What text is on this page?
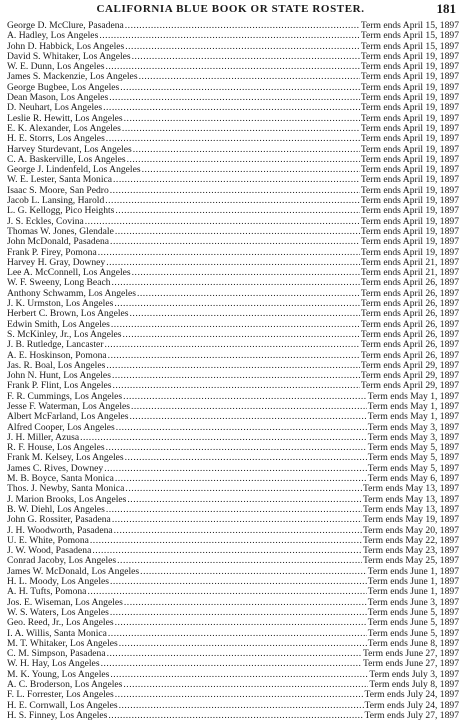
CALIFORNIA BLUE BOOK OR STATE ROSTER.	181
George D. McClure, Pasadena .....	Term ends April 15, 1897
A. Hadley, Los Angeles .....	Term ends April 15, 1897
John D. Habbick, Los Angeles .....	Term ends April 15, 1897
David S. Whitaker, Los Angeles .....	Term ends April 19, 1897
W. E. Dunn, Los Angeles .....	Term ends April 19, 1897
James S. Mackenzie, Los Angeles .....	Term ends April 19, 1897
George Bugbee, Los Angeles .....	Term ends April 19, 1897
Dean Mason, Los Angeles .....	Term ends April 19, 1897
D. Neuhart, Los Angeles .....	Term ends April 19, 1897
Leslie R. Hewitt, Los Angeles .....	Term ends April 19, 1897
E. K. Alexander, Los Angeles .....	Term ends April 19, 1897
H. E. Storrs, Los Angeles .....	Term ends April 19, 1897
Harvey Sturdevant, Los Angeles .....	Term ends April 19, 1897
C. A. Baskerville, Los Angeles .....	Term ends April 19, 1897
George J. Lindenfeld, Los Angeles .....	Term ends April 19, 1897
W. E. Lester, Santa Monica .....	Term ends April 19, 1897
Isaac S. Moore, San Pedro .....	Term ends April 19, 1897
Jacob L. Lansing, Harold .....	Term ends April 19, 1897
L. G. Kellogg, Pico Heights .....	Term ends April 19, 1897
J. S. Eckles, Covina .....	Term ends April 19, 1897
Thomas W. Jones, Glendale .....	Term ends April 19, 1897
John McDonald, Pasadena .....	Term ends April 19, 1897
Frank P. Firey, Pomona .....	Term ends April 19, 1897
Harvey H. Gray, Downey .....	Term ends April 21, 1897
Lee A. McConnell, Los Angeles .....	Term ends April 21, 1897
W. F. Sweeny, Long Beach .....	Term ends April 26, 1897
Anthony Schwamm, Los Angeles .....	Term ends April 26, 1897
J. K. Urmston, Los Angeles .....	Term ends April 26, 1897
Herbert C. Brown, Los Angeles .....	Term ends April 26, 1897
Edwin Smith, Los Angeles .....	Term ends April 26, 1897
S. McKinley, Jr., Los Angeles .....	Term ends April 26, 1897
J. B. Rutledge, Lancaster .....	Term ends April 26, 1897
A. E. Hoskinson, Pomona .....	Term ends April 26, 1897
Jas. R. Boal, Los Angeles .....	Term ends April 29, 1897
John N. Hunt, Los Angeles .....	Term ends April 29, 1897
Frank P. Flint, Los Angeles .....	Term ends April 29, 1897
F. R. Cummings, Los Angeles .....	Term ends May 1, 1897
Jesse F. Waterman, Los Angeles .....	Term ends May 1, 1897
Albert McFarland, Los Angeles .....	Term ends May 1, 1897
Alfred Cooper, Los Angeles .....	Term ends May 3, 1897
J. H. Miller, Azusa .....	Term ends May 3, 1897
R. F. House, Los Angeles .....	Term ends May 5, 1897
Frank M. Kelsey, Los Angeles .....	Term ends May 5, 1897
James C. Rives, Downey .....	Term ends May 5, 1897
M. B. Boyce, Santa Monica .....	Term ends May 6, 1897
Thos. J. Newby, Santa Monica .....	Term ends May 13, 1897
J. Marion Brooks, Los Angeles .....	Term ends May 13, 1897
B. W. Diehl, Los Angeles .....	Term ends May 13, 1897
John G. Rossiter, Pasadena .....	Term ends May 19, 1897
J. H. Woodworth, Pasadena .....	Term ends May 20, 1897
U. E. White, Pomona .....	Term ends May 22, 1897
J. W. Wood, Pasadena .....	Term ends May 23, 1897
Conrad Jacoby, Los Angeles .....	Term ends May 25, 1897
James W. McDonald, Los Angeles .....	Term ends June 1, 1897
H. L. Moody, Los Angeles .....	Term ends June 1, 1897
A. H. Tufts, Pomona .....	Term ends June 1, 1897
Jos. E. Wiseman, Los Angeles .....	Term ends June 3, 1897
W. S. Waters, Los Angeles .....	Term ends June 5, 1897
Geo. Reed, Jr., Los Angeles .....	Term ends June 5, 1897
I. A. Willis, Santa Monica .....	Term ends June 5, 1897
M. T. Whitaker, Los Angeles .....	Term ends June 8, 1897
C. M. Simpson, Pasadena .....	Term ends June 27, 1897
W. H. Hay, Los Angeles .....	Term ends June 27, 1897
M. K. Young, Los Angeles .....	Term ends July 3, 1897
A. C. Broderson, Los Angeles .....	Term ends July 8, 1897
F. L. Forrester, Los Angeles .....	Term ends July 24, 1897
H. E. Cornwall, Los Angeles .....	Term ends July 24, 1897
H. S. Finney, Los Angeles .....	Term ends July 27, 1897
